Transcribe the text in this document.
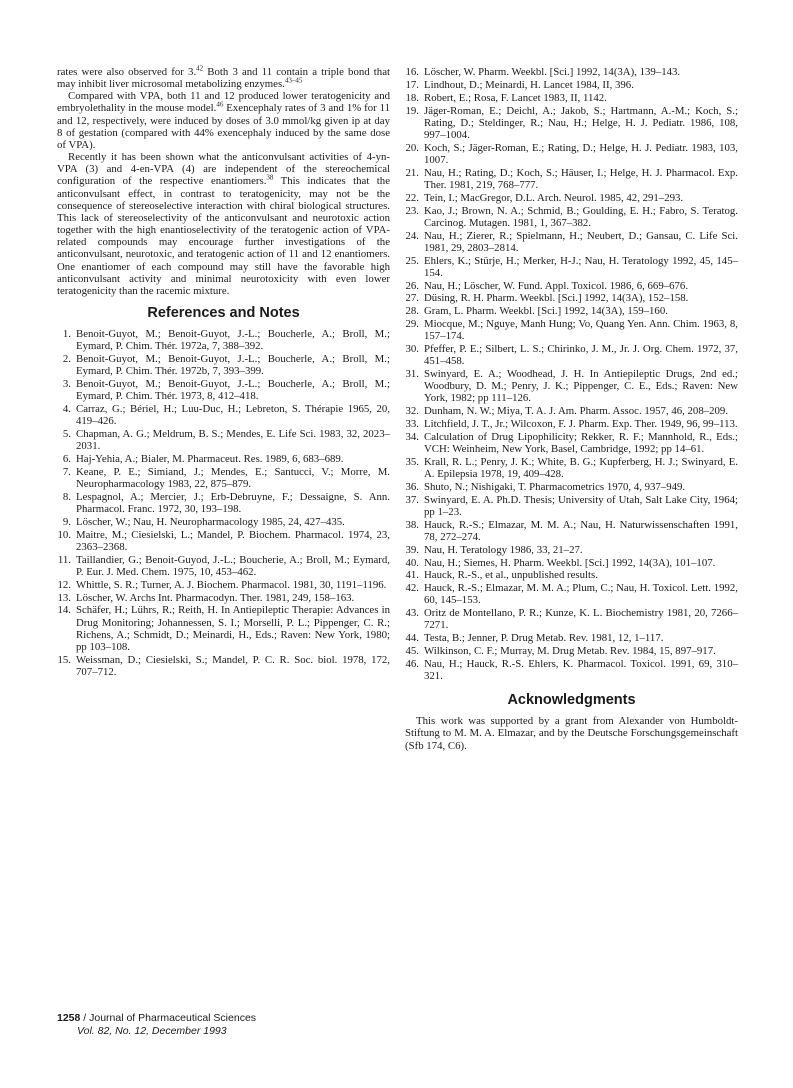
rates were also observed for 3.42 Both 3 and 11 contain a triple bond that may inhibit liver microsomal metabolizing enzymes.$^{43-45}$

Compared with VPA, both 11 and 12 produced lower teratogenicity and embryolethality in the mouse model.$^{46}$ Exencephaly rates of 3 and 1% for 11 and 12, respectively, were induced by doses of 3.0 mmol/kg given ip at day 8 of gestation (compared with 44% exencephaly induced by the same dose of VPA).

Recently it has been shown what the anticonvulsant activities of 4-yn-VPA (3) and 4-en-VPA (4) are independent of the stereochemical configuration of the respective enantiomers.$^{38}$ This indicates that the anticonvulsant effect, in contrast to teratogenicity, may not be the consequence of stereoselective interaction with chiral biological structures. This lack of stereoselectivity of the anticonvulsant and neurotoxic action together with the high enantioselectivity of the teratogenic action of VPA-related compounds may encourage further investigations of the anticonvulsant, neurotoxic, and teratogenic action of 11 and 12 enantiomers. One enantiomer of each compound may still have the favorable high anticonvulsant activity and minimal neurotoxicity with even lower teratogenicity than the racemic mixture.

References and Notes
1. Benoit-Guyot, M.; Benoit-Guyot, J.-L.; Boucherle, A.; Broll, M.; Eymard, P. Chim. Thér. 1972a, 7, 388–392.
2. Benoit-Guyot, M.; Benoit-Guyot, J.-L.; Boucherle, A.; Broll, M.; Eymard, P. Chim. Thér. 1972b, 7, 393–399.
3. Benoit-Guyot, M.; Benoit-Guyot, J.-L.; Boucherle, A.; Broll, M.; Eymard, P. Chim. Thér. 1973, 8, 412–418.
4. Carraz, G.; Bériel, H.; Luu-Duc, H.; Lebreton, S. Thérapie 1965, 20, 419–426.
5. Chapman, A. G.; Meldrum, B. S.; Mendes, E. Life Sci. 1983, 32, 2023–2031.
6. Haj-Yehia, A.; Bialer, M. Pharmaceut. Res. 1989, 6, 683–689.
7. Keane, P. E.; Simiand, J.; Mendes, E.; Santucci, V.; Morre, M. Neuropharmacology 1983, 22, 875–879.
8. Lespagnol, A.; Mercier, J.; Erb-Debruyne, F.; Dessaigne, S. Ann. Pharmacol. Franc. 1972, 30, 193–198.
9. Löscher, W.; Nau, H. Neuropharmacology 1985, 24, 427–435.
10. Maitre, M.; Ciesielski, L.; Mandel, P. Biochem. Pharmacol. 1974, 23, 2363–2368.
11. Taillandier, G.; Benoit-Guyod, J.-L.; Boucherie, A.; Broll, M.; Eymard, P. Eur. J. Med. Chem. 1975, 10, 453–462.
12. Whittle, S. R.; Turner, A. J. Biochem. Pharmacol. 1981, 30, 1191–1196.
13. Löscher, W. Archs Int. Pharmacodyn. Ther. 1981, 249, 158–163.
14. Schäfer, H.; Lührs, R.; Reith, H. In Antiepileptic Therapie: Advances in Drug Monitoring; Johannessen, S. I.; Morselli, P. L.; Pippenger, C. R.; Richens, A.; Schmidt, D.; Meinardi, H., Eds.; Raven: New York, 1980; pp 103–108.
15. Weissman, D.; Ciesielski, S.; Mandel, P. C. R. Soc. biol. 1978, 172, 707–712.
16. Löscher, W. Pharm. Weekbl. [Sci.] 1992, 14(3A), 139–143.
17. Lindhout, D.; Meinardi, H. Lancet 1984, II, 396.
18. Robert, E.; Rosa, F. Lancet 1983, II, 1142.
19. Jäger-Roman, E.; Deichl, A.; Jakob, S.; Hartmann, A.-M.; Koch, S.; Rating, D.; Steldinger, R.; Nau, H.; Helge, H. J. Pediatr. 1986, 108, 997–1004.
20. Koch, S.; Jäger-Roman, E.; Rating, D.; Helge, H. J. Pediatr. 1983, 103, 1007.
21. Nau, H.; Rating, D.; Koch, S.; Häuser, I.; Helge, H. J. Pharmacol. Exp. Ther. 1981, 219, 768–777.
22. Tein, I.; MacGregor, D.L. Arch. Neurol. 1985, 42, 291–293.
23. Kao, J.; Brown, N. A.; Schmid, B.; Goulding, E. H.; Fabro, S. Teratog. Carcinog. Mutagen. 1981, 1, 367–382.
24. Nau, H.; Zierer, R.; Spielmann, H.; Neubert, D.; Gansau, C. Life Sci. 1981, 29, 2803–2814.
25. Ehlers, K.; Stürje, H.; Merker, H-J.; Nau, H. Teratology 1992, 45, 145–154.
26. Nau, H.; Löscher, W. Fund. Appl. Toxicol. 1986, 6, 669–676.
27. Düsing, R. H. Pharm. Weekbl. [Sci.] 1992, 14(3A), 152–158.
28. Gram, L. Pharm. Weekbl. [Sci.] 1992, 14(3A), 159–160.
29. Miocque, M.; Nguye, Manh Hung; Vo, Quang Yen. Ann. Chim. 1963, 8, 157–174.
30. Pfeffer, P. E.; Silbert, L. S.; Chirinko, J. M., Jr. J. Org. Chem. 1972, 37, 451–458.
31. Swinyard, E. A.; Woodhead, J. H. In Antiepileptic Drugs, 2nd ed.; Woodbury, D. M.; Penry, J. K.; Pippenger, C. E., Eds.; Raven: New York, 1982; pp 111–126.
32. Dunham, N. W.; Miya, T. A. J. Am. Pharm. Assoc. 1957, 46, 208–209.
33. Litchfield, J. T., Jr.; Wilcoxon, F. J. Pharm. Exp. Ther. 1949, 96, 99–113.
34. Calculation of Drug Lipophilicity; Rekker, R. F.; Mannhold, R., Eds.; VCH: Weinheim, New York, Basel, Cambridge, 1992; pp 14–61.
35. Krall, R. L.; Penry, J. K.; White, B. G.; Kupferberg, H. J.; Swinyard, E. A. Epilepsia 1978, 19, 409–428.
36. Shuto, N.; Nishigaki, T. Pharmacometrics 1970, 4, 937–949.
37. Swinyard, E. A. Ph.D. Thesis; University of Utah, Salt Lake City, 1964; pp 1–23.
38. Hauck, R.-S.; Elmazar, M. M. A.; Nau, H. Naturwissenschaften 1991, 78, 272–274.
39. Nau, H. Teratology 1986, 33, 21–27.
40. Nau, H.; Siemes, H. Pharm. Weekbl. [Sci.] 1992, 14(3A), 101–107.
41. Hauck, R.-S., et al., unpublished results.
42. Hauck, R.-S.; Elmazar, M. M. A.; Plum, C.; Nau, H. Toxicol. Lett. 1992, 60, 145–153.
43. Oritz de Montellano, P. R.; Kunze, K. L. Biochemistry 1981, 20, 7266–7271.
44. Testa, B.; Jenner, P. Drug Metab. Rev. 1981, 12, 1–117.
45. Wilkinson, C. F.; Murray, M. Drug Metab. Rev. 1984, 15, 897–917.
46. Nau, H.; Hauck, R.-S. Ehlers, K. Pharmacol. Toxicol. 1991, 69, 310–321.
Acknowledgments

This work was supported by a grant from Alexander von Humboldt-Stiftung to M. M. A. Elmazar, and by the Deutsche Forschungsgemeinschaft (Sfb 174, C6).

1258 / Journal of Pharmaceutical Sciences
Vol. 82, No. 12, December 1993
